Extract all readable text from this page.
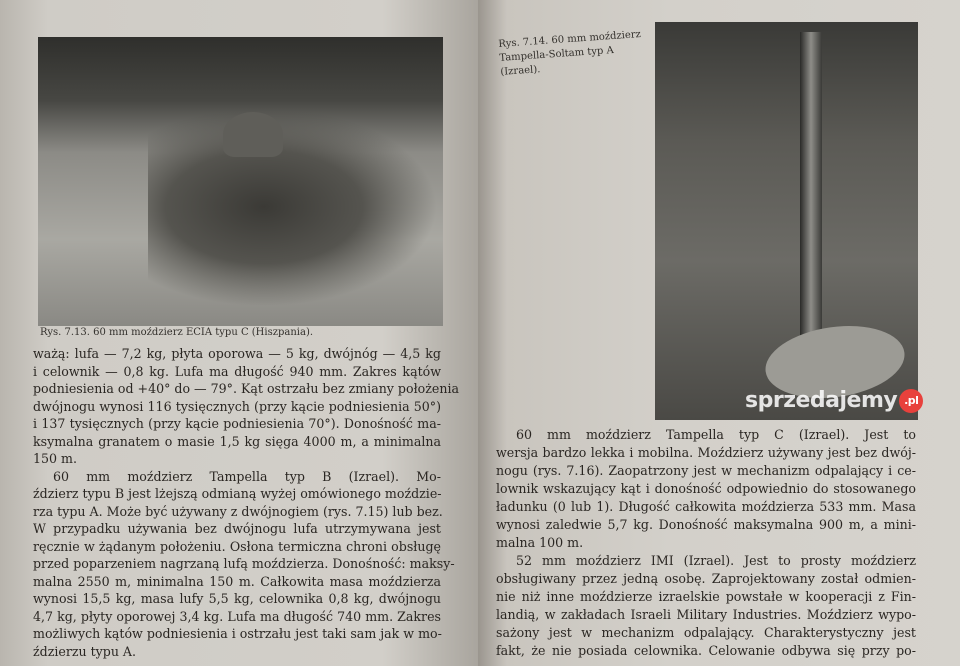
Rys. 7.13. 60 mm moździerz ECIA typu C (Hiszpania).
ważą: lufa — 7,2 kg, płyta oporowa — 5 kg, dwójnóg — 4,5 kg
i celownik — 0,8 kg. Lufa ma długość 940 mm. Zakres kątów
podniesienia od +40° do — 79°. Kąt ostrzału bez zmiany położenia
dwójnogu wynosi 116 tysięcznych (przy kącie podniesienia 50°)
i 137 tysięcznych (przy kącie podniesienia 70°). Donośność ma-
ksymalna granatem o masie 1,5 kg sięga 4000 m, a minimalna
150 m.
60 mm moździerz Tampella typ B (Izrael). Mo-
ździerz typu B jest lżejszą odmianą wyżej omówionego moździe-
rza typu A. Może być używany z dwójnogiem (rys. 7.15) lub bez.
W przypadku używania bez dwójnogu lufa utrzymywana jest
ręcznie w żądanym położeniu. Osłona termiczna chroni obsługę
przed poparzeniem nagrzaną lufą moździerza. Donośność: maksy-
malna 2550 m, minimalna 150 m. Całkowita masa moździerza
wynosi 15,5 kg, masa lufy 5,5 kg, celownika 0,8 kg, dwójnogu
4,7 kg, płyty oporowej 3,4 kg. Lufa ma długość 740 mm. Zakres
możliwych kątów podniesienia i ostrzału jest taki sam jak w mo-
ździerzu typu A.
Rys. 7.14. 60 mm moździerz Tampella-Soltam typ A (Izrael).
60 mm moździerz Tampella typ C (Izrael). Jest to
wersja bardzo lekka i mobilna. Moździerz używany jest bez dwój-
nogu (rys. 7.16). Zaopatrzony jest w mechanizm odpalający i ce-
lownik wskazujący kąt i donośność odpowiednio do stosowanego
ładunku (0 lub 1). Długość całkowita moździerza 533 mm. Masa
wynosi zaledwie 5,7 kg. Donośność maksymalna 900 m, a mini-
malna 100 m.
52 mm moździerz IMI (Izrael). Jest to prosty moździerz
obsługiwany przez jedną osobę. Zaprojektowany został odmien-
nie niż inne moździerze izraelskie powstałe w kooperacji z Fin-
landią, w zakładach Israeli Military Industries. Moździerz wypo-
sażony jest w mechanizm odpalający. Charakterystyczny jest
fakt, że nie posiada celownika. Celowanie odbywa się przy po-
sprzedajemy .pl
